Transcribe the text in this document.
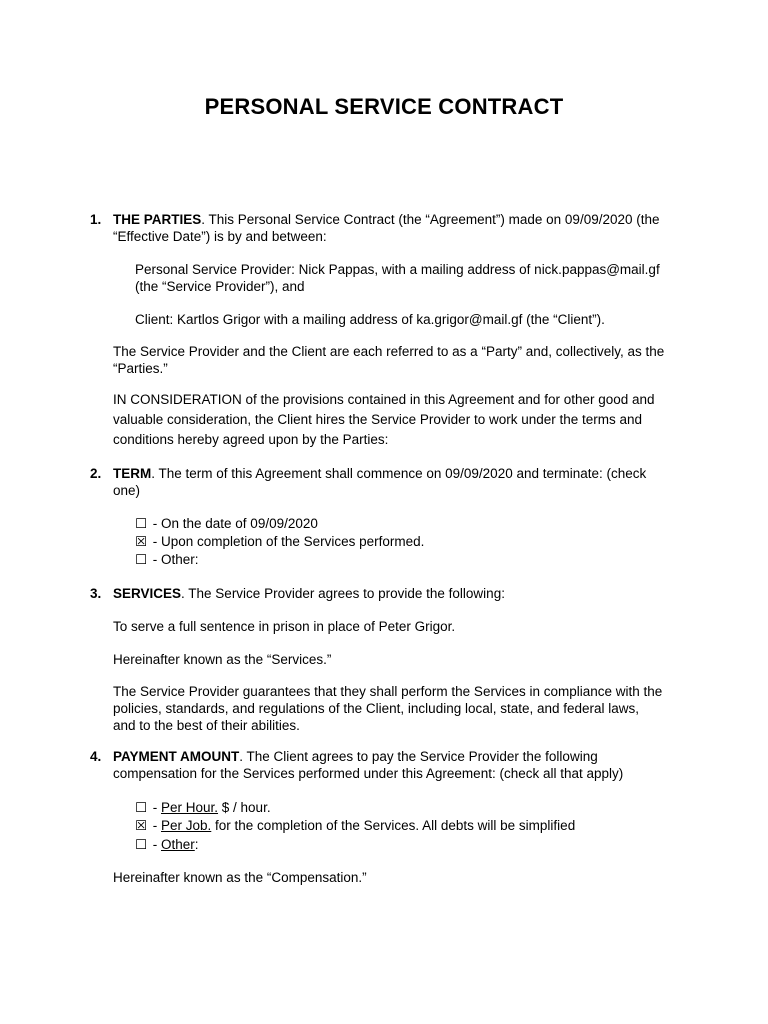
PERSONAL SERVICE CONTRACT
1. THE PARTIES. This Personal Service Contract (the “Agreement”) made on 09/09/2020 (the
“Effective Date”) is by and between:
Personal Service Provider: Nick Pappas, with a mailing address of nick.pappas@mail.gf
(the “Service Provider”), and
Client: Kartlos Grigor with a mailing address of ka.grigor@mail.gf (the “Client”).
The Service Provider and the Client are each referred to as a “Party” and, collectively, as the
“Parties.”
IN CONSIDERATION of the provisions contained in this Agreement and for other good and
valuable consideration, the Client hires the Service Provider to work under the terms and
conditions hereby agreed upon by the Parties:
2. TERM. The term of this Agreement shall commence on 09/09/2020 and terminate: (check
one)
☐ - On the date of 09/09/2020
☒ - Upon completion of the Services performed.
☐ - Other:
3. SERVICES. The Service Provider agrees to provide the following:
To serve a full sentence in prison in place of Peter Grigor.
Hereinafter known as the “Services.”
The Service Provider guarantees that they shall perform the Services in compliance with the
policies, standards, and regulations of the Client, including local, state, and federal laws,
and to the best of their abilities.
4. PAYMENT AMOUNT. The Client agrees to pay the Service Provider the following
compensation for the Services performed under this Agreement: (check all that apply)
☐ - Per Hour. $ / hour.
☒ - Per Job. for the completion of the Services. All debts will be simplified
☐ - Other:
Hereinafter known as the “Compensation.”
